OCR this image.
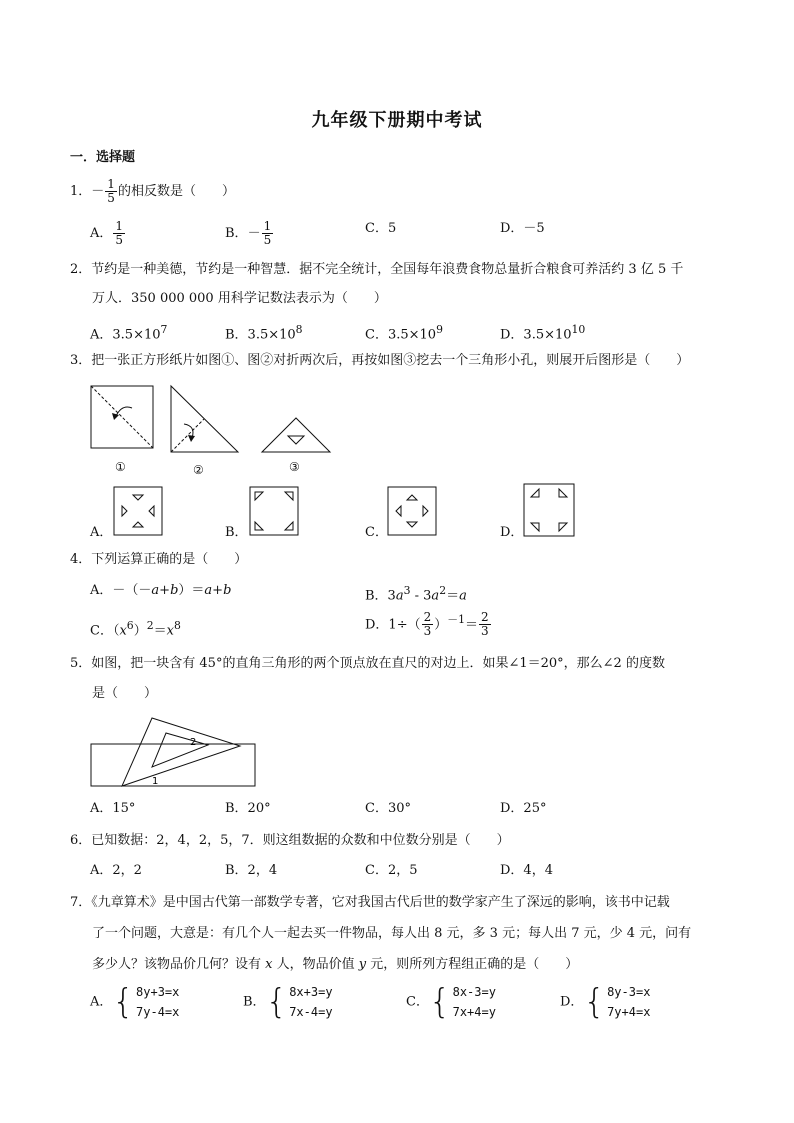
九年级下册期中考试
一．选择题
1．－ $\frac{1}{5}$ 的相反数是（　　）
A． $\frac{1}{5}$	B．－ $\frac{1}{5}$	C．5	D．－5
2．节约是一种美德，节约是一种智慧．据不完全统计，全国每年浪费食物总量折合粮食可养活约 3 亿 5 千
万人．350 000 000 用科学记数法表示为（　　）
A．$3.5\times 10^7$	B．$3.5\times 10^8$	C．$3.5\times 10^9$	D．$3.5\times 10^{10}$
3．把一张正方形纸片如图①、图②对折两次后，再按如图③挖去一个三角形小孔，则展开后图形是（　　）
①	②	③
A．	B．	C．	D．
4．下列运算正确的是（　　）
A．－（－a+b）＝a+b	B．$3a^3 - 3a^2=a$
C．$(x^6)^2=x^8$	D．$1\div( \frac{2}{3} )^{-1}= \frac{2}{3}$
5．如图，把一块含有 45°的直角三角形的两个顶点放在直尺的对边上．如果∠1＝20°，那么∠2 的度数
是（　　）
2
1
A．15°	B．20°	C．30°	D．25°
6．已知数据：2，4，2，5，7．则这组数据的众数和中位数分别是（　　）
A．2，2	B．2，4	C．2，5	D．4，4
7．《九章算术》是中国古代第一部数学专著，它对我国古代后世的数学家产生了深远的影响，该书中记载
了一个问题，大意是：有几个人一起去买一件物品，每人出 8 元，多 3 元；每人出 7 元，少 4 元，问有
多少人？该物品价几何？设有 x 人，物品价值 y 元，则所列方程组正确的是（　　）
A．{ 8y+3=x
7y-4=x
B．{ 8x+3=y
7x-4=y
C．{ 8x-3=y
7x+4=y
D．{ 8y-3=x
7y+4=x
